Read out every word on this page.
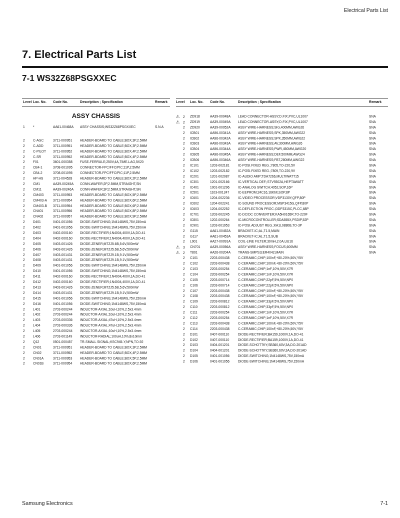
Electrical Parts List
7. Electrical Parts List
7-1 WS32Z68PSGXXEC
Level Loc. No. Code No.	Description ; Specification	Remark
ASSY CHASSIS
1	*	AA61-00468A ASSY CHASSIS;WS32Z68PSGXXEC	S.N.A
2	C-AGC	3711-000951	HEADER-BOARD TO CABLE;BOX,3P,2.5MM
2	C-ADD	3711-000951	HEADER-BOARD TO CABLE;BOX,3P,2.5MM
2	C-PILOT	3711-000952	HEADER-BOARD TO CABLE;BOX,4P,2.5MM
2	C-SR	3711-000952	HEADER-BOARD TO CABLE;BOX,4P,2.5MM
2	F01	3601-000358	FUSE-FERRULE;250V,4A,TIME-LAG,5X20
2	CB4-1	3708-001095	CONNECTOR-FPC/FFC/PIC;11P,2.5MM
2	CB4-2	3708-001095	CONNECTOR-FPC/FFC/PIC;11P,2.5MM
2	HP-HS	3711-004528	HEADER-BOARD TO CABLE;BOX,2P,2.5MM
2	CM1	AA39-00245A CONN-WAFER;2P,2.5MM,STRAIGHT,SN
2	CM11	AA39-00246A CONN-WAFER;3P,2.5MM,STRAIGHT,SN
2	CM403	3711-000953	HEADER-BOARD TO CABLE;BOX,5P,2.5MM
2	CM403-A 3711-000954	HEADER-BOARD TO CABLE;BOX,6P,2.5MM
2	CM403-B 3711-000954	HEADER-BOARD TO CABLE;BOX,6P,2.5MM
2	CN401	3711-000956	HEADER-BOARD TO CABLE;BOX,8P,2.5MM
2	CN402	3711-000957	HEADER-BOARD TO CABLE;BOX,9P,2.5MM
2	D401	0401-001056	DIODE-SWITCHING;1N4148WS,75V,150mA
2	D402	0401-001056	DIODE-SWITCHING;1N4148WS,75V,150mA
2	D403	0402-000160	DIODE-RECTIFIER;1N4004,400V,1A,DO-41
2	D404	0402-000160	DIODE-RECTIFIER;1N4004,400V,1A,DO-41
2	D405	0403-001426	DIODE-ZENER;MTZJ5.6B,5.6V,500mW
2	D406	0403-001426	DIODE-ZENER;MTZJ5.6B,5.6V,500mW
2	D407	0403-001431	DIODE-ZENER;MTZJ9.1B,9.1V,500mW
2	D408	0403-001431	DIODE-ZENER;MTZJ9.1B,9.1V,500mW
2	D409	0401-001056	DIODE-SWITCHING;1N4148WS,75V,150mA
2	D410	0401-001056	DIODE-SWITCHING;1N4148WS,75V,150mA
2	D411	0402-000160	DIODE-RECTIFIER;1N4004,400V,1A,DO-41
2	D412	0402-000160	DIODE-RECTIFIER;1N4004,400V,1A,DO-41
2	D413	0403-001426	DIODE-ZENER;MTZJ5.6B,5.6V,500mW
2	D414	0403-001431	DIODE-ZENER;MTZJ9.1B,9.1V,500mW
2	D415	0401-001056	DIODE-SWITCHING;1N4148WS,75V,150mA
2	D416	0401-001056	DIODE-SWITCHING;1N4148WS,75V,150mA
2	L401	2703-000244	INDUCTOR-AXIAL;10uH,10%,2.5x3.4mm
2	L402	2703-000244	INDUCTOR-AXIAL;10uH,10%,2.5x3.4mm
2	L403	2703-000336	INDUCTOR-AXIAL;47uH,10%,2.5x3.4mm
2	L404	2703-000336	INDUCTOR-AXIAL;47uH,10%,2.5x3.4mm
2	L405	2703-000244	INDUCTOR-AXIAL;10uH,10%,2.5x3.4mm
2	L406	2703-001149	INDUCTOR-RADIAL;100uH,10%,8x10mm
2	Q12	0501-000457	TR-SMALL SIGNAL;KSC945-Y,NPN,TO-92
2	CN01	3711-000951	HEADER-BOARD TO CABLE;BOX,3P,2.5MM
2	CN02	3711-000952	HEADER-BOARD TO CABLE;BOX,4P,2.5MM
2	CN01A	3711-000953	HEADER-BOARD TO CABLE;BOX,5P,2.5MM
2	CN01B	3711-000954	HEADER-BOARD TO CABLE;BOX,6P,2.5MM
Level Loc. No. Code No.	Description ; Specification	Remark
⚠ 2 ZD918	AA39-00048A	LEAD CONNECTOR-ASSY;D.FIX,PVC,UL1007	SNA
⚠ 2 ZD919	AA39-00049A	LEAD CONNECTOR-ASSY;D.FIX,PVC,UL1007	SNA
2 ZD920	AA39-00052A	ASSY WIRE-HARNESS;SIG,400MM,AWG26	SNA
2 ICB01	AA96-00341A	ASSY WIRE-HARNESS;SPK,350MM,AWG22	SNA
2 ICB02	AA96-00342A	ASSY WIRE-HARNESS;SPK,350MM,AWG22	SNA
2 ICB03	AA96-00343A	ASSY WIRE-HARNESS;AV,300MM,AWG26	SNA
2 ICB04	AA96-00344A	ASSY WIRE-HARNESS;PWR,450MM,AWG20	SNA
2 ICB05	AA96-00345A	ASSY WIRE-HARNESS;DEF,500MM,AWG24	SNA
2 ICB06	AA96-00346A	ASSY WIRE-HARNESS;FBT,280MM,AWG22	SNA
2 IC101	1203-002181	IC-POSI.FIXED REG.;7805,TO-220,5V	SNA
2 IC102	1203-002182	IC-POSI.FIXED REG.;7809,TO-220,9V	SNA
2 IC201	1201-002087	IC-AUDIO AMP;TDA7266,MULTIWATT15	SNA
2 IC301	1201-002166	IC-VERTICAL DEF.;STV9302A,HEPTAWATT	SNA
2 IC401	1001-001296	IC-ANALOG SWITCH;4052,SOP,16P	SNA
2 IC501	1103-001247	IC-EEPROM;24C16,16Kbit,SOP,8P	SNA
2 IC601	1204-002236	IC-VIDEO PROCESSOR;VDP3130Y,QFP,80P	SNA
2 IC602	1204-002241	IC-SOUND PROCESSOR;MSP3415G,QFP,80P	SNA
2 IC603	1204-002252	IC-DEFLECTION PROC.;DDP3315C,PLCC,68P	SNA
2 IC701	1203-002245	IC-DC/DC CONVERTER;KA5H0165R,TO-220F	SNA
2 IC801	1202-000264	IC-MICROCONTROLLER;SDA555X,PSDIP,52P	SNA
2 IC901	1203-001953	IC-POSI.ADJUST REG.;KA1L0880B,TO-3P	SNA
2 G115	AA61-00452A	BRACKET-IC;AL,T1.5,MAIN	SNA
2 G117	AA61-00453A	BRACKET-IC;AL,T1.5,SUB	SNA
2 L901	AA27-00091A	COIL-LINE FILTER;30mH,2.0A,UU16	SNA
⚠ 3 CN701	AA39-00056A	ASSY WIRE-HARNESS;FOCUS,600MM	SNA
⚠ 2 T801	AA26-00204A	TRANS-SMPS;EER4042,MAIN	SNA
2 C101	2203-000438	C-CERAMIC,CHIP;100nF,+80-20%,50V,Y5V
2 C102	2203-000438	C-CERAMIC,CHIP;100nF,+80-20%,50V,Y5V
2 C103	2203-000254	C-CERAMIC,CHIP;1nF,10%,50V,X7R
2 C104	2203-000254	C-CERAMIC,CHIP;1nF,10%,50V,X7R
2 C105	2203-000714	C-CERAMIC,CHIP;22pF,5%,50V,NP0
2 C106	2203-000714	C-CERAMIC,CHIP;22pF,5%,50V,NP0
2 C107	2203-000438	C-CERAMIC,CHIP;100nF,+80-20%,50V,Y5V
2 C108	2203-000438	C-CERAMIC,CHIP;100nF,+80-20%,50V,Y5V
2 C109	2203-000812	C-CERAMIC,CHIP;33pF,5%,50V,NP0
2 C110	2203-000812	C-CERAMIC,CHIP;33pF,5%,50V,NP0
2 C111	2203-000254	C-CERAMIC,CHIP;1nF,10%,50V,X7R
2 C112	2203-000254	C-CERAMIC,CHIP;1nF,10%,50V,X7R
2 C113	2203-000438	C-CERAMIC,CHIP;100nF,+80-20%,50V,Y5V
2 C114	2203-000438	C-CERAMIC,CHIP;100nF,+80-20%,50V,Y5V
2 D101	0407-000110	DIODE-RECTIFIER;BA159,1000V,1A,DO-41
2 D102	0407-000110	DIODE-RECTIFIER;BA159,1000V,1A,DO-41
2 D103	0404-001201	DIODE-SCHOTTKY;SB360,60V,3A,DO-201AD
2 D104	0404-001201	DIODE-SCHOTTKY;SB360,60V,3A,DO-201AD
2 D105	0401-001056	DIODE-SWITCHING;1N4148WS,75V,150mA
2 D106	0401-001056	DIODE-SWITCHING;1N4148WS,75V,150mA
Samsung Electronics	7-1
